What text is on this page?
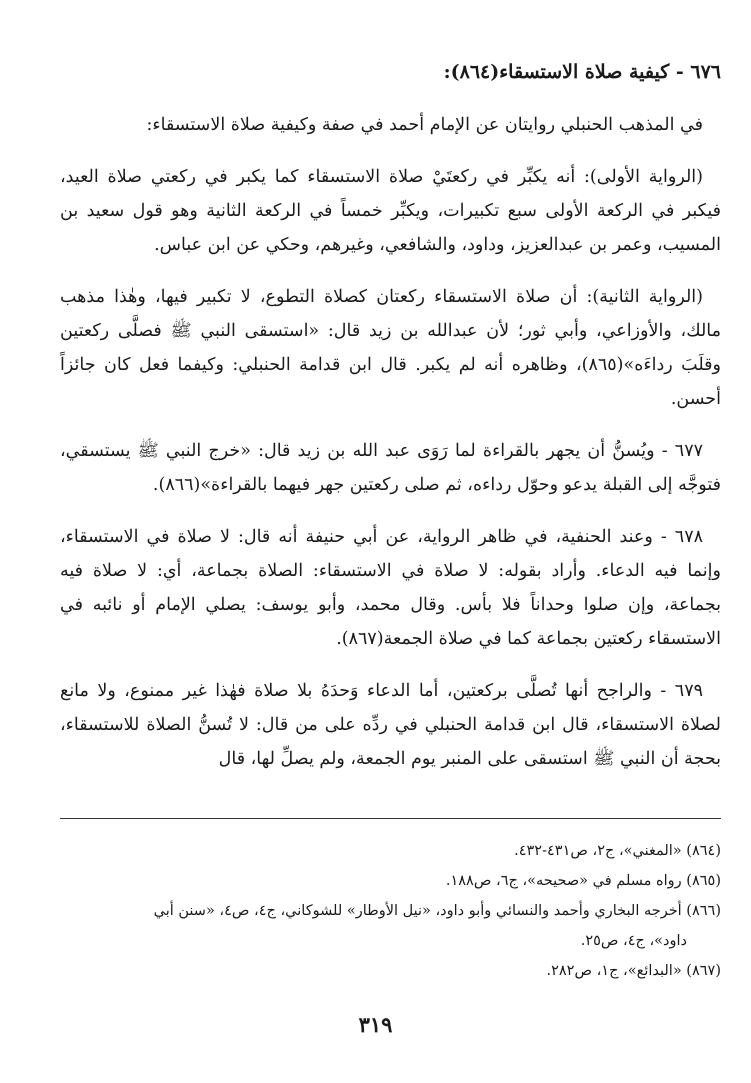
٦٧٦ - كيفية صلاة الاستسقاء(٨٦٤):

في المذهب الحنبلي روايتان عن الإمام أحمد في صفة وكيفية صلاة الاستسقاء:

(الرواية الأولى): أنه يكبِّر في ركعتَيْ صلاة الاستسقاء كما يكبر في ركعتي صلاة العيد، فيكبر في الركعة الأولى سبع تكبيرات، ويكبِّر خمساً في الركعة الثانية وهو قول سعيد بن المسيب، وعمر بن عبدالعزيز، وداود، والشافعي، وغيرهم، وحكي عن ابن عباس.

(الرواية الثانية): أن صلاة الاستسقاء ركعتان كصلاة التطوع، لا تكبير فيها، وهٰذا مذهب مالك، والأوزاعي، وأبي ثور؛ لأن عبدالله بن زيد قال: «استسقى النبي ﷺ فصلَّى ركعتين وقلَبَ رداءَه»(٨٦٥)، وظاهره أنه لم يكبر. قال ابن قدامة الحنبلي: وكيفما فعل كان جائزاً أحسن.

٦٧٧ - ويُسنُّ أن يجهر بالقراءة لما رَوَى عبد الله بن زيد قال: «خرج النبي ﷺ يستسقي، فتوجَّه إلى القبلة يدعو وحوّل رداءه، ثم صلى ركعتين جهر فيهما بالقراءة»(٨٦٦).

٦٧٨ - وعند الحنفية، في ظاهر الرواية، عن أبي حنيفة أنه قال: لا صلاة في الاستسقاء، وإنما فيه الدعاء. وأراد بقوله: لا صلاة في الاستسقاء: الصلاة بجماعة، أي: لا صلاة فيه بجماعة، وإن صلوا وحداناً فلا بأس. وقال محمد، وأبو يوسف: يصلي الإمام أو نائبه في الاستسقاء ركعتين بجماعة كما في صلاة الجمعة(٨٦٧).

٦٧٩ - والراجح أنها تُصلَّى بركعتين، أما الدعاء وَحدَهُ بلا صلاة فهٰذا غير ممنوع، ولا مانع لصلاة الاستسقاء، قال ابن قدامة الحنبلي في ردِّه على من قال: لا تُسنُّ الصلاة للاستسقاء، بحجة أن النبي ﷺ استسقى على المنبر يوم الجمعة، ولم يصلِّ لها، قال

(٨٦٤) «المغني»، ج٢، ص٤٣١-٤٣٢.

(٨٦٥) رواه مسلم في «صحيحه»، ج٦، ص١٨٨.

(٨٦٦) أخرجه البخاري وأحمد والنسائي وأبو داود، «نيل الأوطار» للشوكاني، ج٤، ص٤، «سنن أبي

داود»، ج٤، ص٢٥.

(٨٦٧) «البدائع»، ج١، ص٢٨٢.

٣١٩
